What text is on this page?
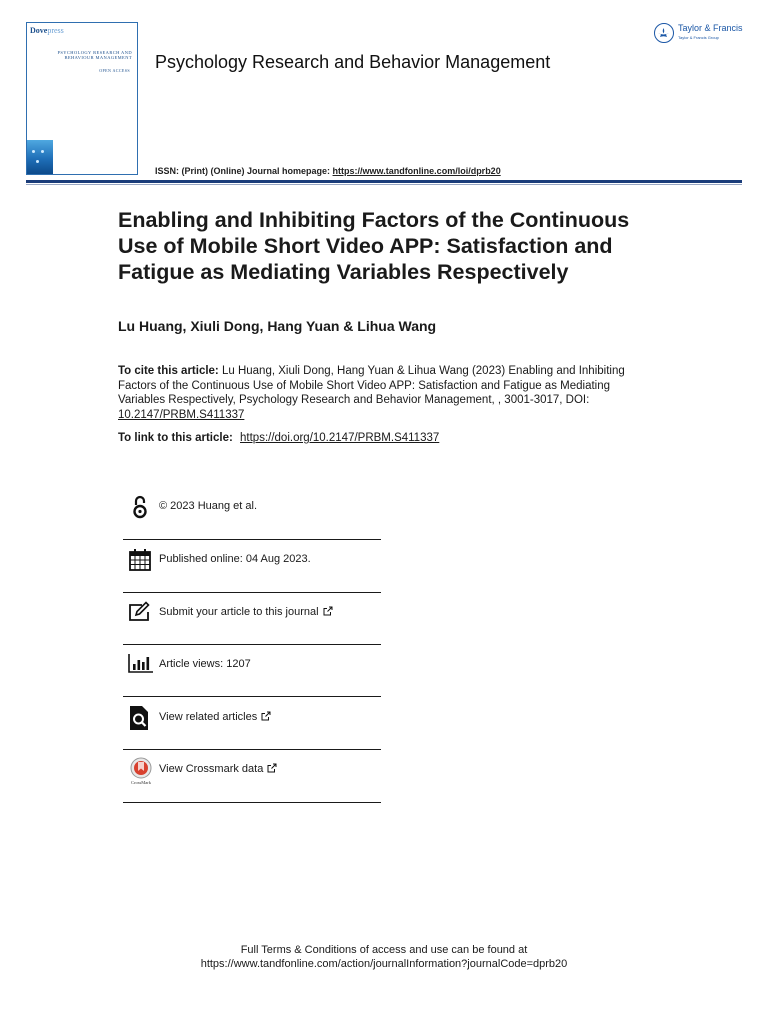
Dovepress
PSYCHOLOGY RESEARCH AND
BEHAVIOUR MANAGEMENT
OPEN ACCESS Psychology Research and Behavior Management
Taylor & Francis
Taylor & Francis Group
ISSN: (Print) (Online) Journal homepage: https://www.tandfonline.com/loi/dprb20
Enabling and Inhibiting Factors of the Continuous Use of Mobile Short Video APP: Satisfaction and Fatigue as Mediating Variables Respectively
Lu Huang, Xiuli Dong, Hang Yuan & Lihua Wang
To cite this article: Lu Huang, Xiuli Dong, Hang Yuan & Lihua Wang (2023) Enabling and Inhibiting Factors of the Continuous Use of Mobile Short Video APP: Satisfaction and Fatigue as Mediating Variables Respectively, Psychology Research and Behavior Management, , 3001-3017, DOI: 10.2147/PRBM.S411337
To link to this article: https://doi.org/10.2147/PRBM.S411337
© 2023 Huang et al.
Published online: 04 Aug 2023.
Submit your article to this journal
Article views: 1207
View related articles
CrossMark
View Crossmark data
Full Terms & Conditions of access and use can be found at
https://www.tandfonline.com/action/journalInformation?journalCode=dprb20
